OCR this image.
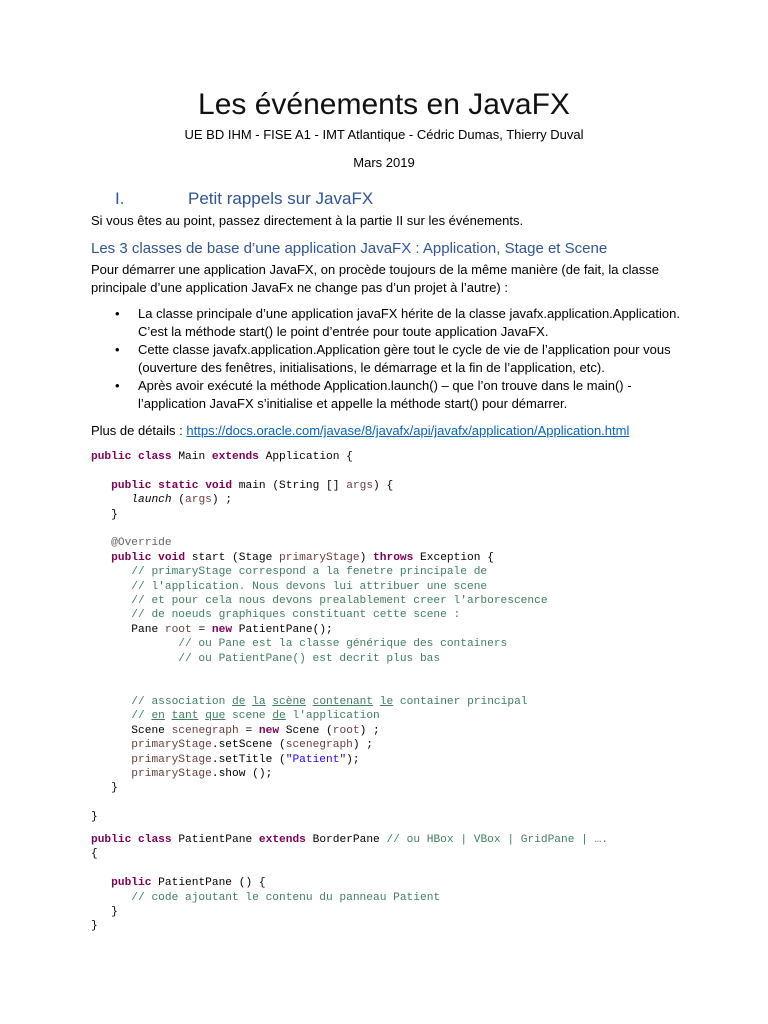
Les événements en JavaFX
UE BD IHM - FISE A1 - IMT Atlantique - Cédric Dumas, Thierry Duval
Mars 2019
I.	Petit rappels sur JavaFX
Si vous êtes au point, passez directement à la partie II sur les événements.
Les 3 classes de base d’une application JavaFX : Application, Stage et Scene
Pour démarrer une application JavaFX, on procède toujours de la même manière (de fait, la classe
principale d’une application JavaFx ne change pas d’un projet à l’autre) :
• La classe principale d’une application javaFX hérite de la classe javafx.application.Application.
C’est la méthode start() le point d’entrée pour toute application JavaFX.
• Cette classe javafx.application.Application gère tout le cycle de vie de l’application pour vous
(ouverture des fenêtres, initialisations, le démarrage et la fin de l’application, etc).
• Après avoir exécuté la méthode Application.launch() – que l’on trouve dans le main() -
l’application JavaFX s’initialise et appelle la méthode start() pour démarrer.
Plus de détails : https://docs.oracle.com/javase/8/javafx/api/javafx/application/Application.html
public class Main extends Application {

public static void main (String [] args) {
launch (args) ;
}

@Override
public void start (Stage primaryStage) throws Exception {
// primaryStage correspond a la fenetre principale de
// l'application. Nous devons lui attribuer une scene
// et pour cela nous devons prealablement creer l'arborescence
// de noeuds graphiques constituant cette scene :
Pane root = new PatientPane();
// ou Pane est la classe générique des containers
// ou PatientPane() est decrit plus bas

// association de la scène contenant le container principal
// en tant que scene de l'application
Scene scenegraph = new Scene (root) ;
primaryStage.setScene (scenegraph) ;
primaryStage.setTitle ("Patient");
primaryStage.show ();
}

}
public class PatientPane extends BorderPane // ou HBox | VBox | GridPane | ….
{

public PatientPane () {
// code ajoutant le contenu du panneau Patient
}
}
